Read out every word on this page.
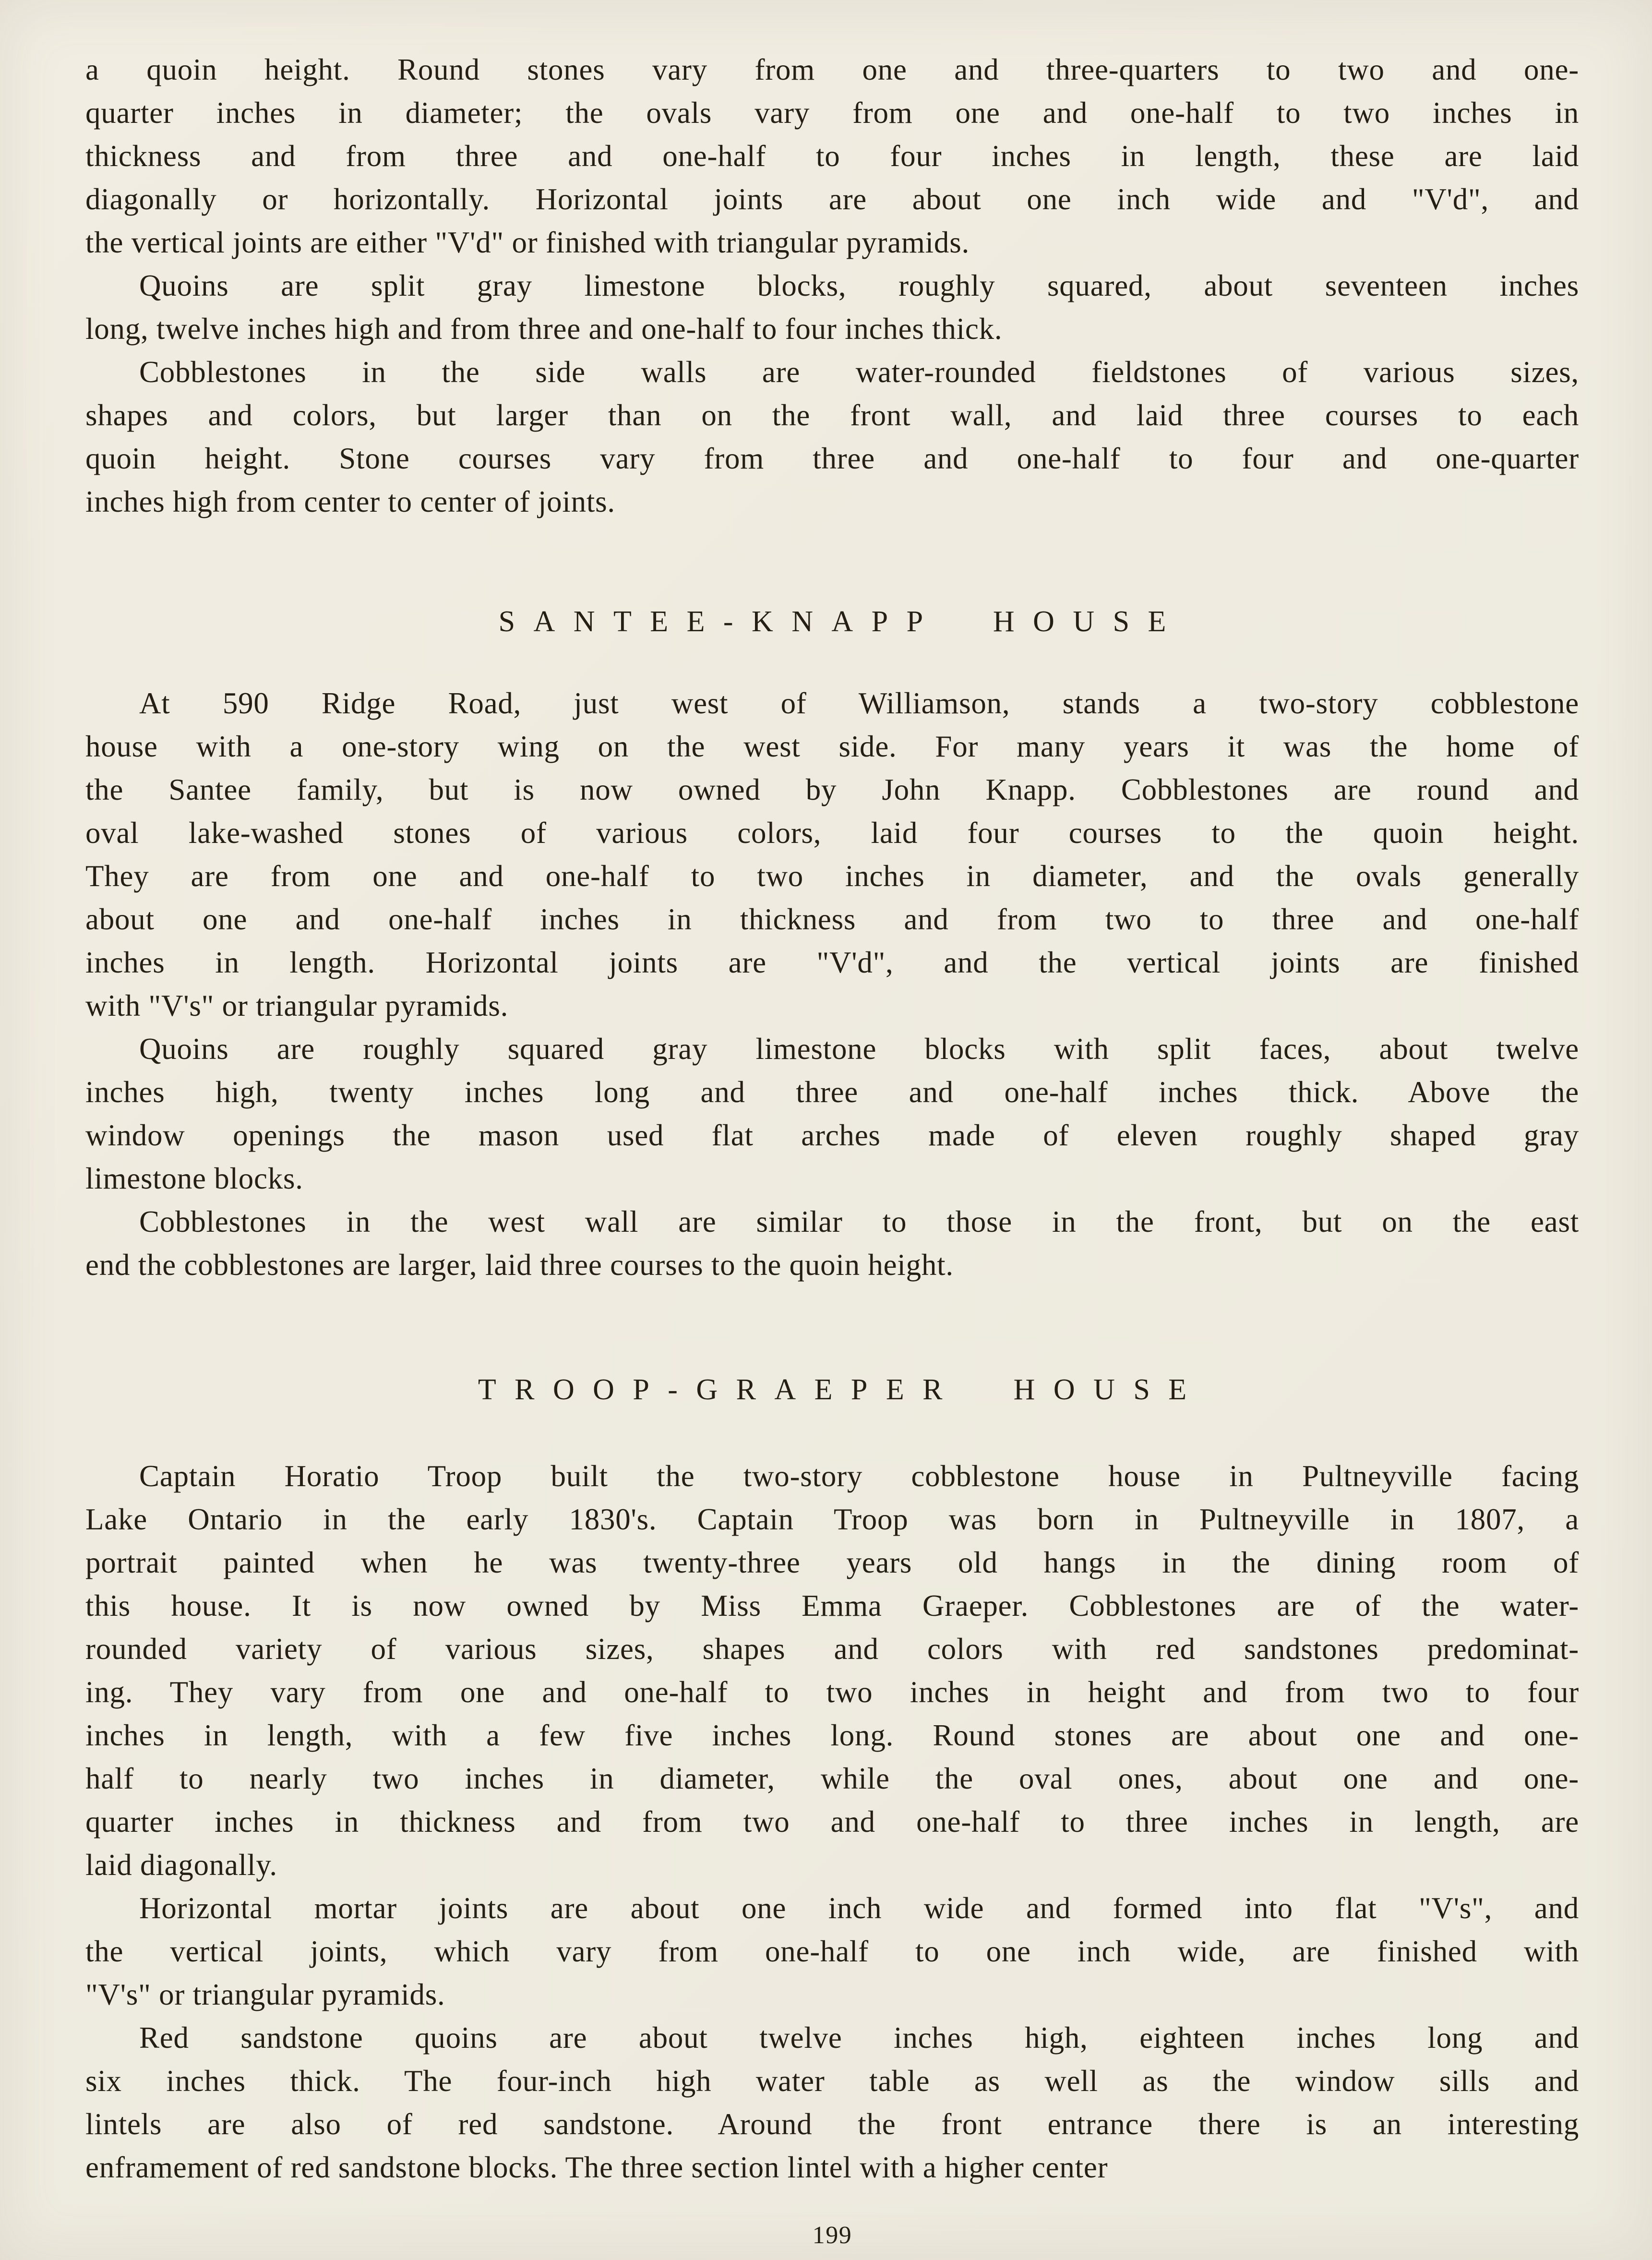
a quoin height. Round stones vary from one and three-quarters to two and one-
quarter inches in diameter; the ovals vary from one and one-half to two inches in
thickness and from three and one-half to four inches in length, these are laid
diagonally or horizontally. Horizontal joints are about one inch wide and "V'd", and
the vertical joints are either "V'd" or finished with triangular pyramids.
Quoins are split gray limestone blocks, roughly squared, about seventeen inches
long, twelve inches high and from three and one-half to four inches thick.
Cobblestones in the side walls are water-rounded fieldstones of various sizes,
shapes and colors, but larger than on the front wall, and laid three courses to each
quoin height. Stone courses vary from three and one-half to four and one-quarter
inches high from center to center of joints.
SANTEE-KNAPP HOUSE
At 590 Ridge Road, just west of Williamson, stands a two-story cobblestone
house with a one-story wing on the west side. For many years it was the home of
the Santee family, but is now owned by John Knapp. Cobblestones are round and
oval lake-washed stones of various colors, laid four courses to the quoin height.
They are from one and one-half to two inches in diameter, and the ovals generally
about one and one-half inches in thickness and from two to three and one-half
inches in length. Horizontal joints are "V'd", and the vertical joints are finished
with "V's" or triangular pyramids.
Quoins are roughly squared gray limestone blocks with split faces, about twelve
inches high, twenty inches long and three and one-half inches thick. Above the
window openings the mason used flat arches made of eleven roughly shaped gray
limestone blocks.
Cobblestones in the west wall are similar to those in the front, but on the east
end the cobblestones are larger, laid three courses to the quoin height.
TROOP-GRAEPER HOUSE
Captain Horatio Troop built the two-story cobblestone house in Pultneyville facing
Lake Ontario in the early 1830's. Captain Troop was born in Pultneyville in 1807, a
portrait painted when he was twenty-three years old hangs in the dining room of
this house. It is now owned by Miss Emma Graeper. Cobblestones are of the water-
rounded variety of various sizes, shapes and colors with red sandstones predominat-
ing. They vary from one and one-half to two inches in height and from two to four
inches in length, with a few five inches long. Round stones are about one and one-
half to nearly two inches in diameter, while the oval ones, about one and one-
quarter inches in thickness and from two and one-half to three inches in length, are
laid diagonally.
Horizontal mortar joints are about one inch wide and formed into flat "V's", and
the vertical joints, which vary from one-half to one inch wide, are finished with
"V's" or triangular pyramids.
Red sandstone quoins are about twelve inches high, eighteen inches long and
six inches thick. The four-inch high water table as well as the window sills and
lintels are also of red sandstone. Around the front entrance there is an interesting
enframement of red sandstone blocks. The three section lintel with a higher center
199
